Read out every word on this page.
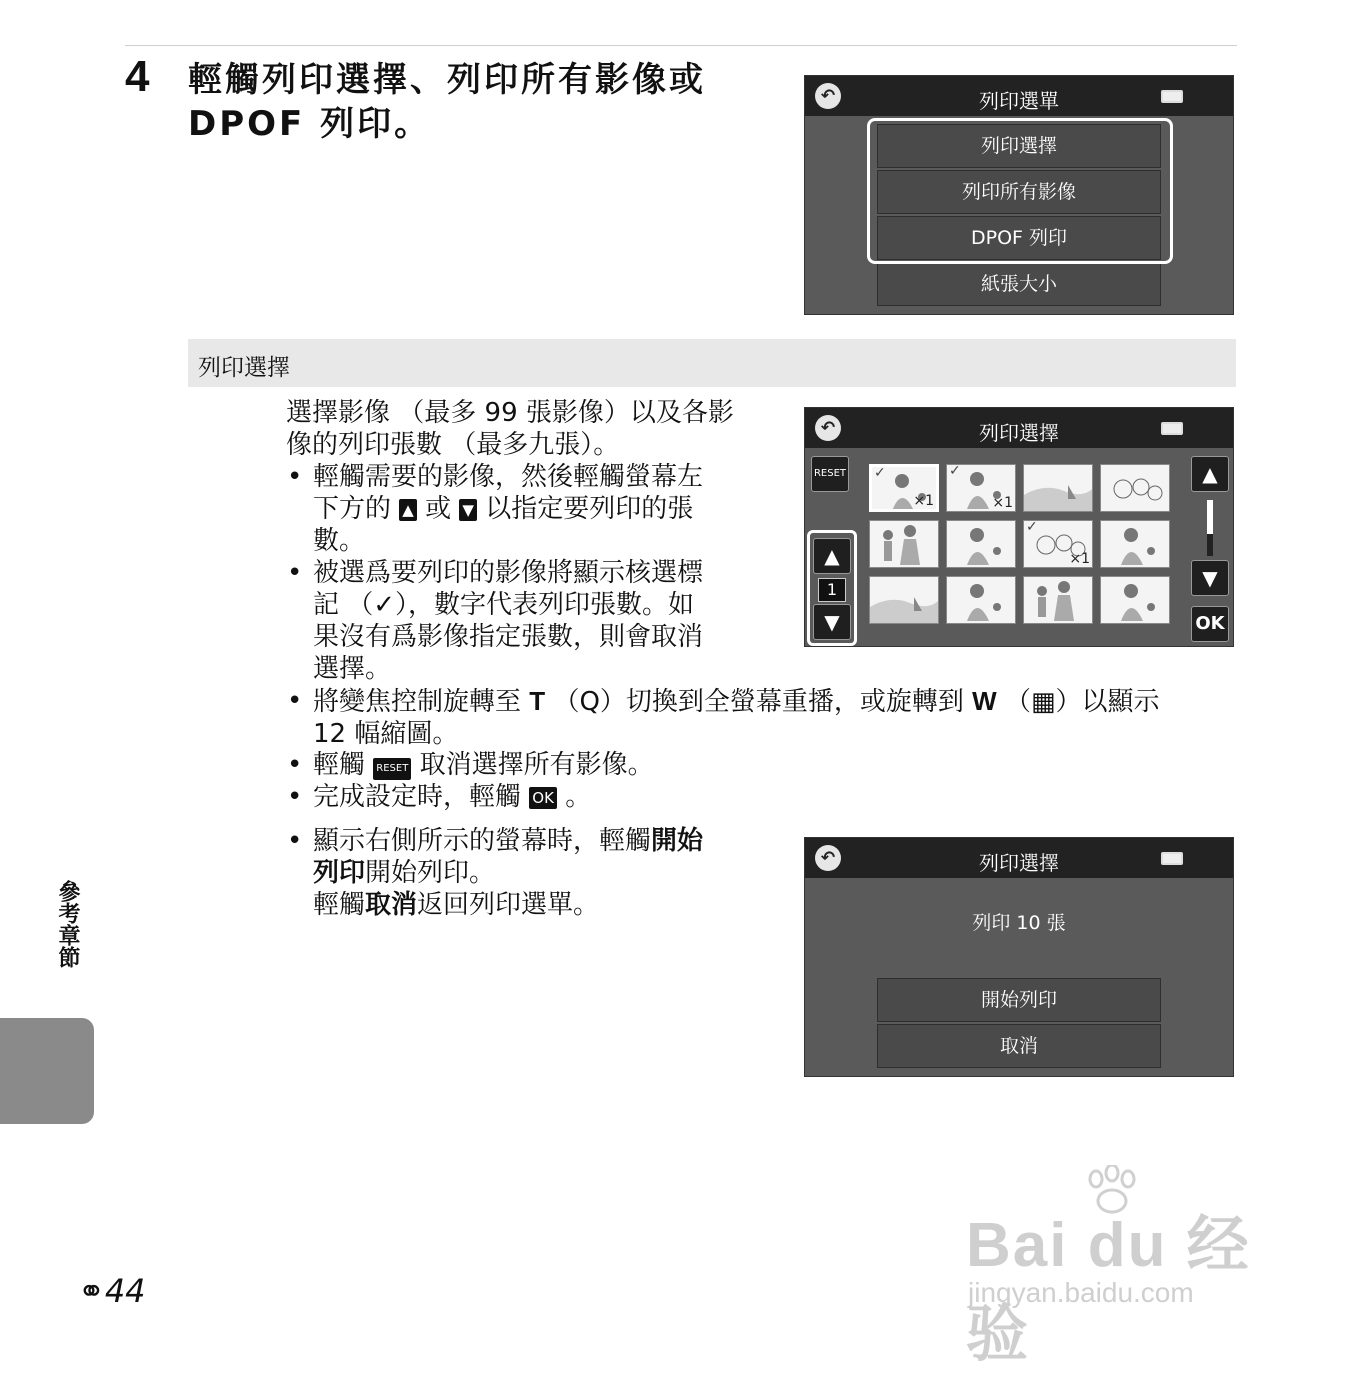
4 輕觸列印選擇、列印所有影像或
DPOF 列印。
↶	列印選單
列印選擇
列印所有影像
DPOF 列印
紙張大小
列印選擇
選擇影像 （最多 99 張影像）以及各影
像的列印張數 （最多九張）。
• 輕觸需要的影像，然後輕觸螢幕左
下方的 ▲ 或 ▼ 以指定要列印的張
數。
• 被選爲要列印的影像將顯示核選標
記 （✓），數字代表列印張數。如
果沒有爲影像指定張數，則會取消
選擇。
• 將變焦控制旋轉至 T （Q）切換到全螢幕重播，或旋轉到 W （▦）以顯示
12 幅縮圖。
• 輕觸 RESET 取消選擇所有影像。
• 完成設定時，輕觸 OK 。
• 顯示右側所示的螢幕時，輕觸開始
列印開始列印。
輕觸取消返回列印選單。
↶	列印選擇
RESET
▲
1
▼
✓
×1
✓
×1
✓
×1
▲
▼
OK
↶	列印選擇
列印 10 張
開始列印
取消
參考章節
⚭44
Bai du 经验
jingyan.baidu.com
